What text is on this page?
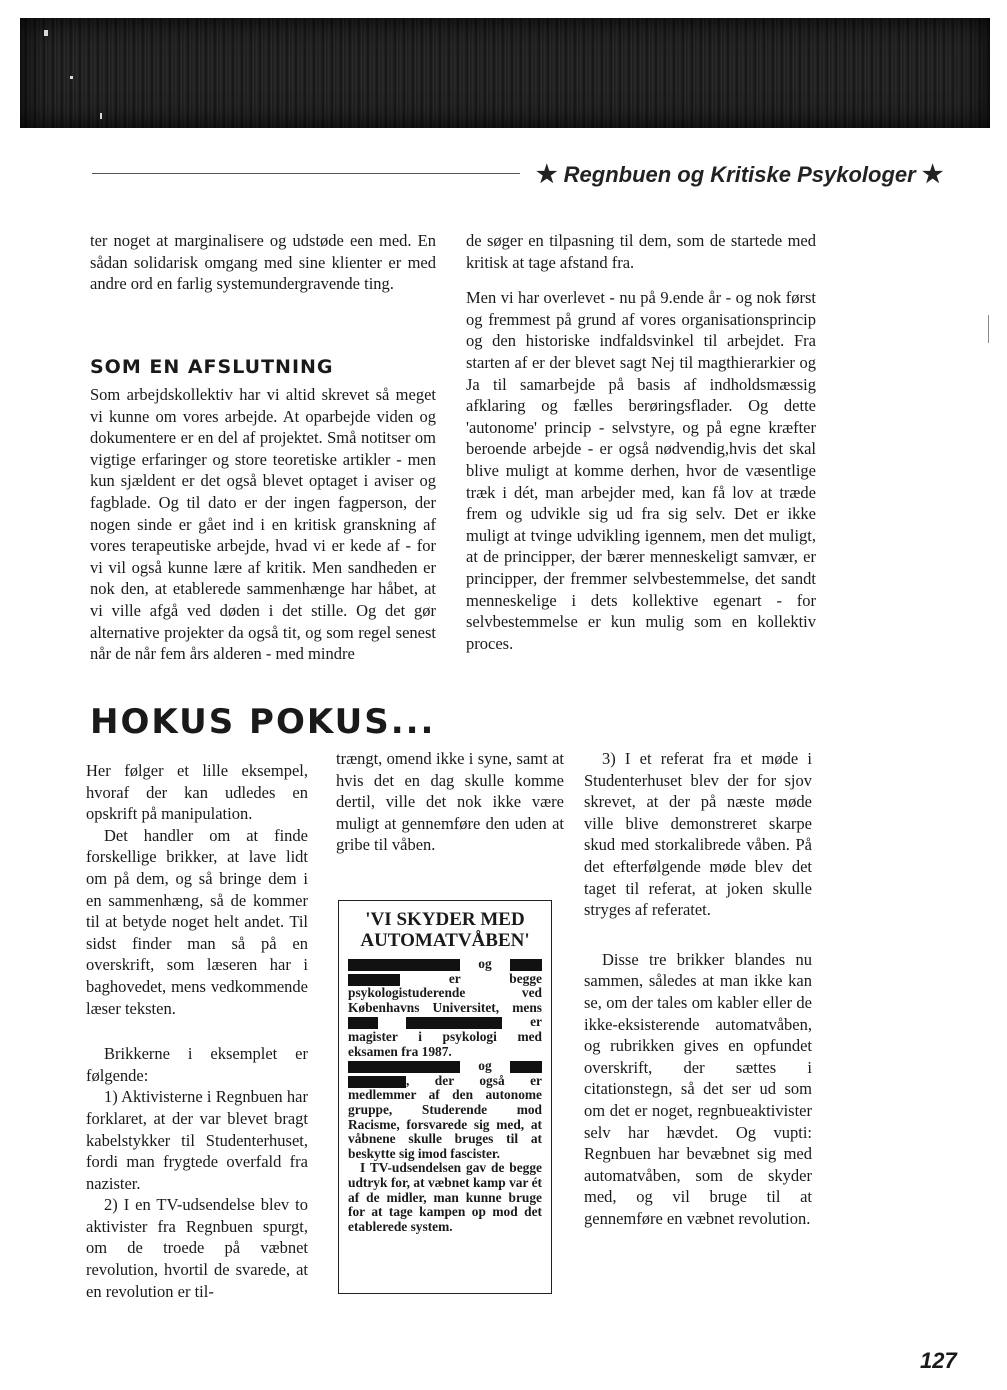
★ Regnbuen og Kritiske Psykologer ★

ter noget at marginalisere og udstøde een med. En sådan solidarisk omgang med sine klienter er med andre ord en farlig systemundergravende ting.

SOM EN AFSLUTNING

Som arbejdskollektiv har vi altid skrevet så meget vi kunne om vores arbejde. At oparbejde viden og dokumentere er en del af projektet. Små notitser om vigtige erfaringer og store teoretiske artikler - men kun sjældent er det også blevet optaget i aviser og fagblade. Og til dato er der ingen fagperson, der nogen sinde er gået ind i en kritisk granskning af vores terapeutiske arbejde, hvad vi er kede af - for vi vil også kunne lære af kritik. Men sandheden er nok den, at etablerede sammenhænge har håbet, at vi ville afgå ved døden i det stille. Og det gør alternative projekter da også tit, og som regel senest når de når fem års alderen - med mindre

de søger en tilpasning til dem, som de startede med kritisk at tage afstand fra.

Men vi har overlevet - nu på 9.ende år - og nok først og fremmest på grund af vores organisationsprincip og den historiske indfaldsvinkel til arbejdet. Fra starten af er der blevet sagt Nej til magthierarkier og Ja til samarbejde på basis af indholdsmæssig afklaring og fælles berøringsflader. Og dette 'autonome' princip - selvstyre, og på egne kræfter beroende arbejde - er også nødvendig,hvis det skal blive muligt at komme derhen, hvor de væsentlige træk i dét, man arbejder med, kan få lov at træde frem og udvikle sig ud fra sig selv. Det er ikke muligt at tvinge udvikling igennem, men det muligt, at de principper, der bærer menneskeligt samvær, er principper, der fremmer selvbestemmelse, det sandt menneskelige i dets kollektive egenart - for selvbestemmelse er kun mulig som en kollektiv proces.

HOKUS POKUS...

Her følger et lille eksempel, hvoraf der kan udledes en opskrift på manipulation.

Det handler om at finde forskellige brikker, at lave lidt om på dem, og så bringe dem i en sammenhæng, så de kommer til at betyde noget helt andet. Til sidst finder man så på en overskrift, som læseren har i baghovedet, mens vedkommende læser teksten.

Brikkerne i eksemplet er følgende:

1) Aktivisterne i Regnbuen har forklaret, at der var blevet bragt kabelstykker til Studenterhuset, fordi man frygtede overfald fra nazister.

2) I en TV-udsendelse blev to aktivister fra Regnbuen spurgt, om de troede på væbnet revolution, hvortil de svarede, at en revolution er til-

trængt, omend ikke i syne, samt at hvis det en dag skulle komme dertil, ville det nok ikke være muligt at gennemføre den uden at gribe til våben.

'VI SKYDER MED AUTOMATVÅBEN'

og   er begge psykologistuderende ved Københavns Universitet, mens   er magister i psykologi med eksamen fra 1987.

og  , der også er medlemmer af den autonome gruppe, Studerende mod Racisme, forsvarede sig med, at våbnene skulle bruges til at beskytte sig imod fascister.

I TV-udsendelsen gav de begge udtryk for, at væbnet kamp var ét af de midler, man kunne bruge for at tage kampen op mod det etablerede system.

3) I et referat fra et møde i Studenterhuset blev der for sjov skrevet, at der på næste møde ville blive demonstreret skarpe skud med storkalibrede våben. På det efterfølgende møde blev det taget til referat, at joken skulle stryges af referatet.

Disse tre brikker blandes nu sammen, således at man ikke kan se, om der tales om kabler eller de ikke-eksisterende automatvåben, og rubrikken gives en opfundet overskrift, der sættes i citationstegn, så det ser ud som om det er noget, regnbueaktivister selv har hævdet. Og vupti: Regnbuen har bevæbnet sig med automatvåben, som de skyder med, og vil bruge til at gennemføre en væbnet revolution.

127
